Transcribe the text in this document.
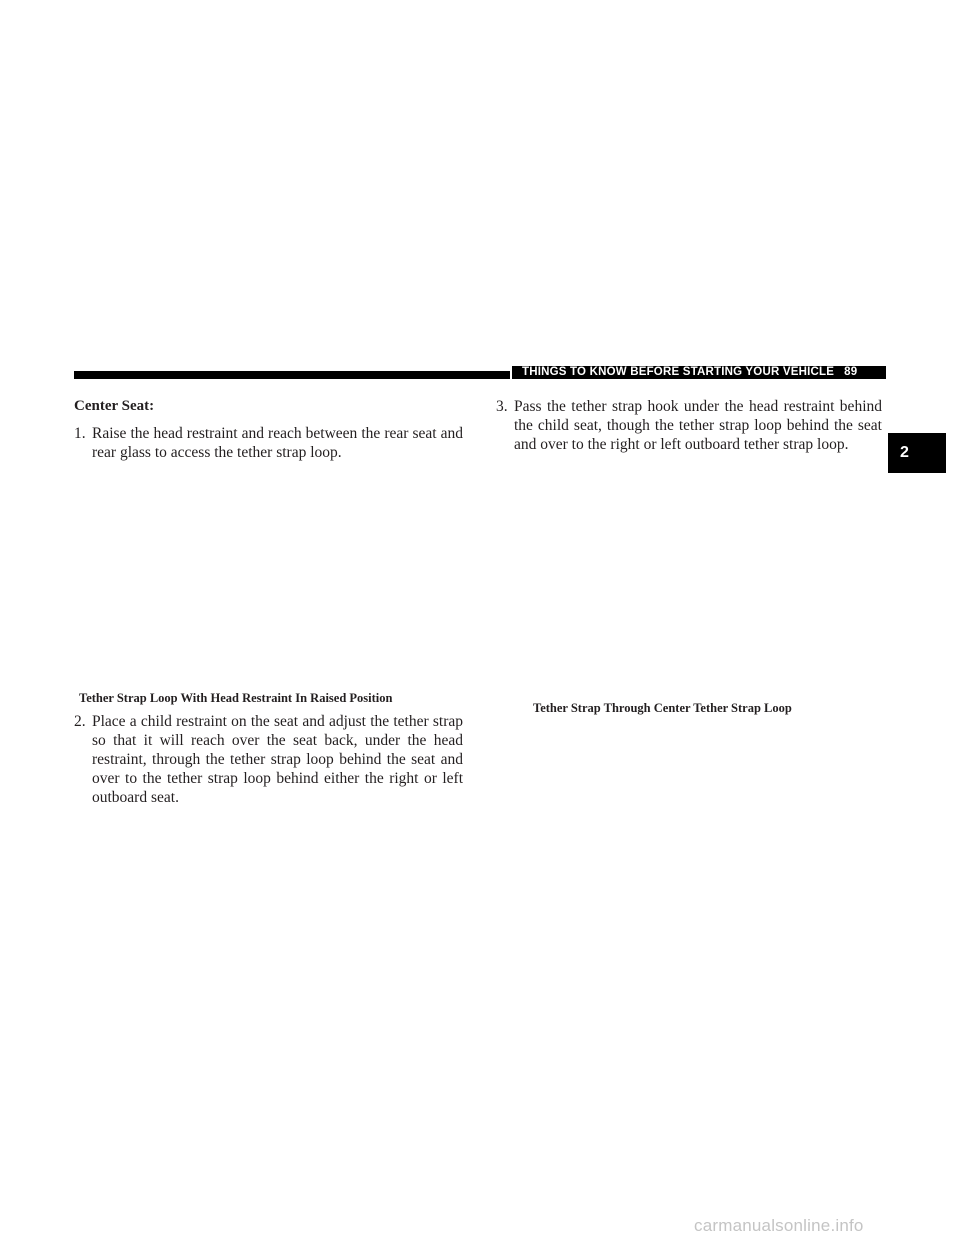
THINGS TO KNOW BEFORE STARTING YOUR VEHICLE 89
2
Center Seat:
1. Raise the head restraint and reach between the rear seat and rear glass to access the tether strap loop.
Tether Strap Loop With Head Restraint In Raised Position
2. Place a child restraint on the seat and adjust the tether strap so that it will reach over the seat back, under the head restraint, through the tether strap loop behind the seat and over to the tether strap loop behind either the right or left outboard seat.
3. Pass the tether strap hook under the head restraint behind the child seat, though the tether strap loop behind the seat and over to the right or left outboard tether strap loop.
Tether Strap Through Center Tether Strap Loop
carmanualsonline.info
